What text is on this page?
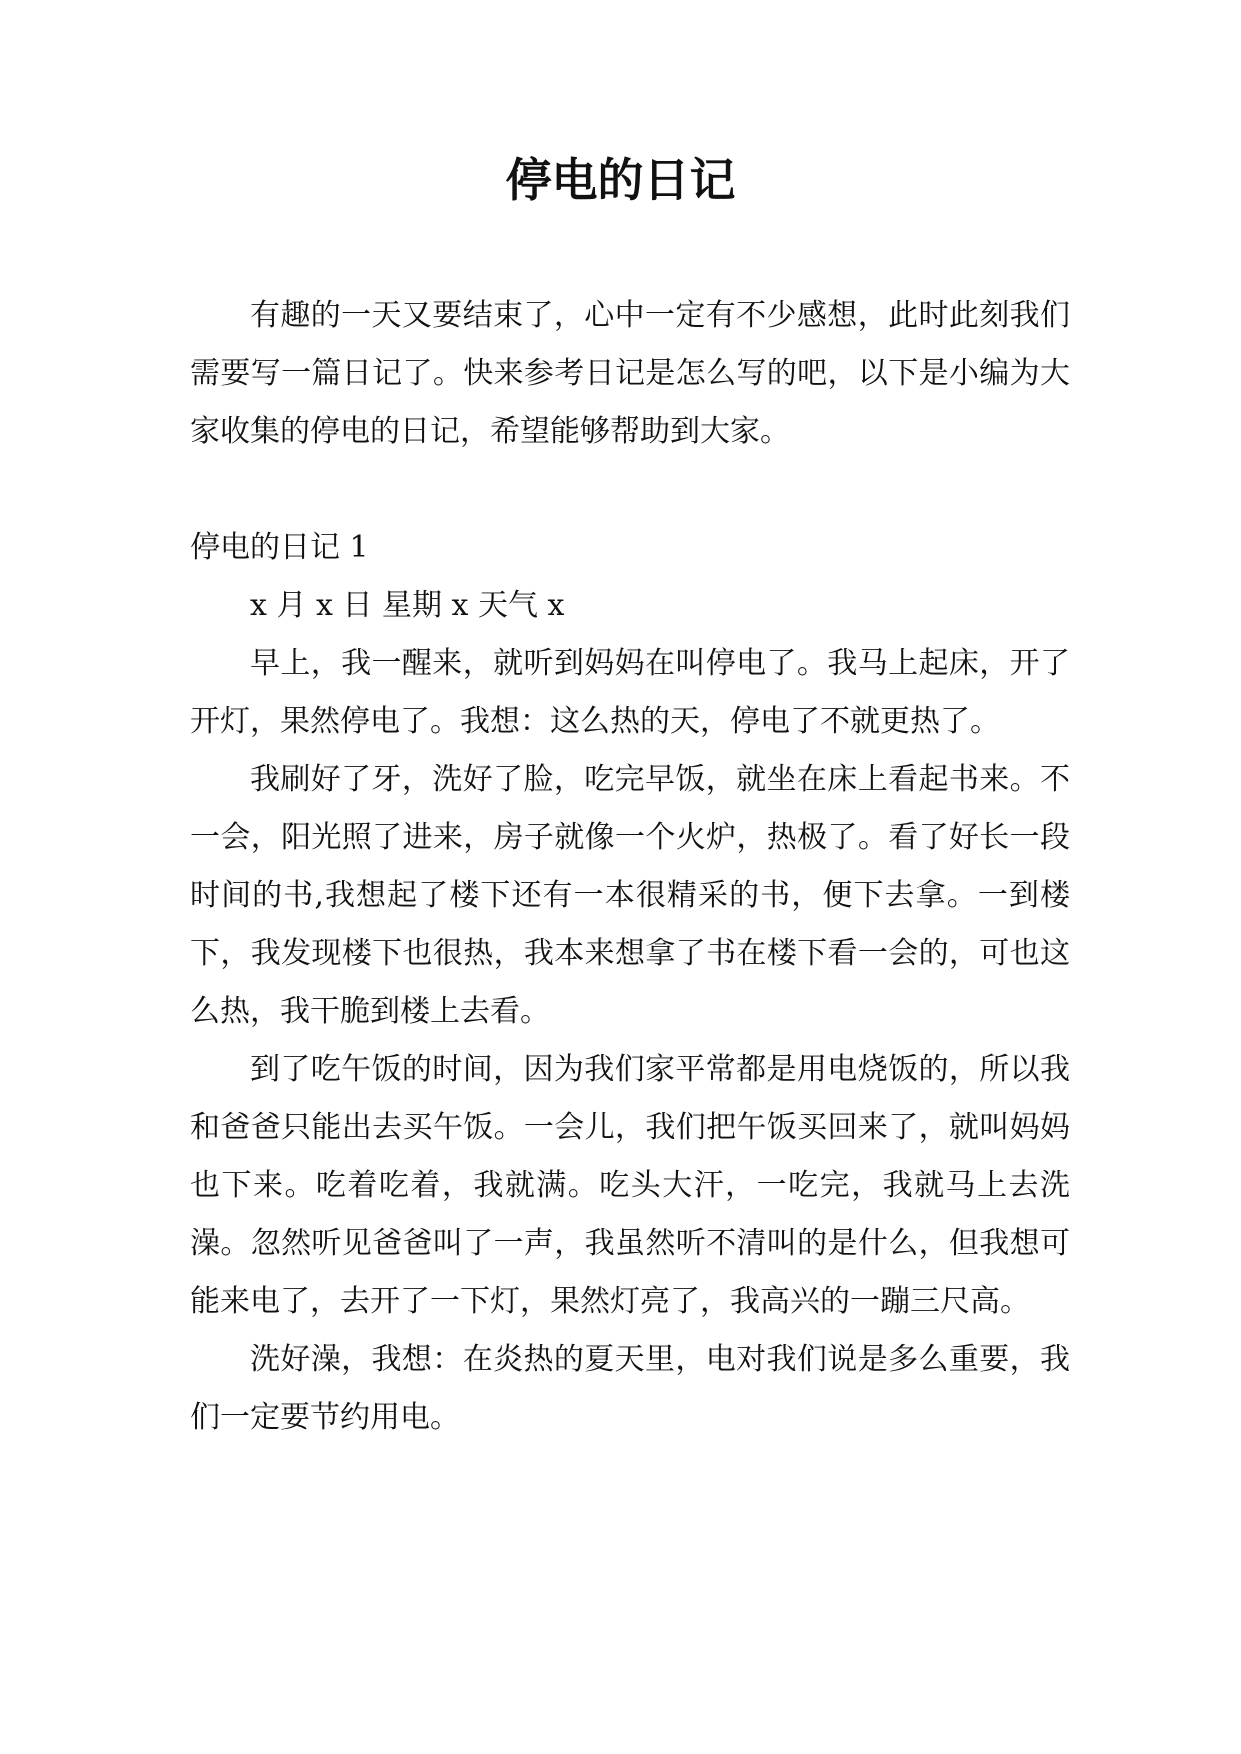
停电的日记

有趣的一天又要结束了，心中一定有不少感想，此时此刻我们需要写一篇日记了。快来参考日记是怎么写的吧，以下是小编为大家收集的停电的日记，希望能够帮助到大家。

停电的日记 1

x 月 x 日 星期 x 天气 x

早上，我一醒来，就听到妈妈在叫停电了。我马上起床，开了开灯，果然停电了。我想：这么热的天，停电了不就更热了。

我刷好了牙，洗好了脸，吃完早饭，就坐在床上看起书来。不一会，阳光照了进来，房子就像一个火炉，热极了。看了好长一段时间的书,我想起了楼下还有一本很精采的书，便下去拿。一到楼下，我发现楼下也很热，我本来想拿了书在楼下看一会的，可也这么热，我干脆到楼上去看。

到了吃午饭的时间，因为我们家平常都是用电烧饭的，所以我和爸爸只能出去买午饭。一会儿，我们把午饭买回来了，就叫妈妈也下来。吃着吃着，我就满。吃头大汗，一吃完，我就马上去洗澡。忽然听见爸爸叫了一声，我虽然听不清叫的是什么，但我想可能来电了，去开了一下灯，果然灯亮了，我高兴的一蹦三尺高。

洗好澡，我想：在炎热的夏天里，电对我们说是多么重要，我们一定要节约用电。
